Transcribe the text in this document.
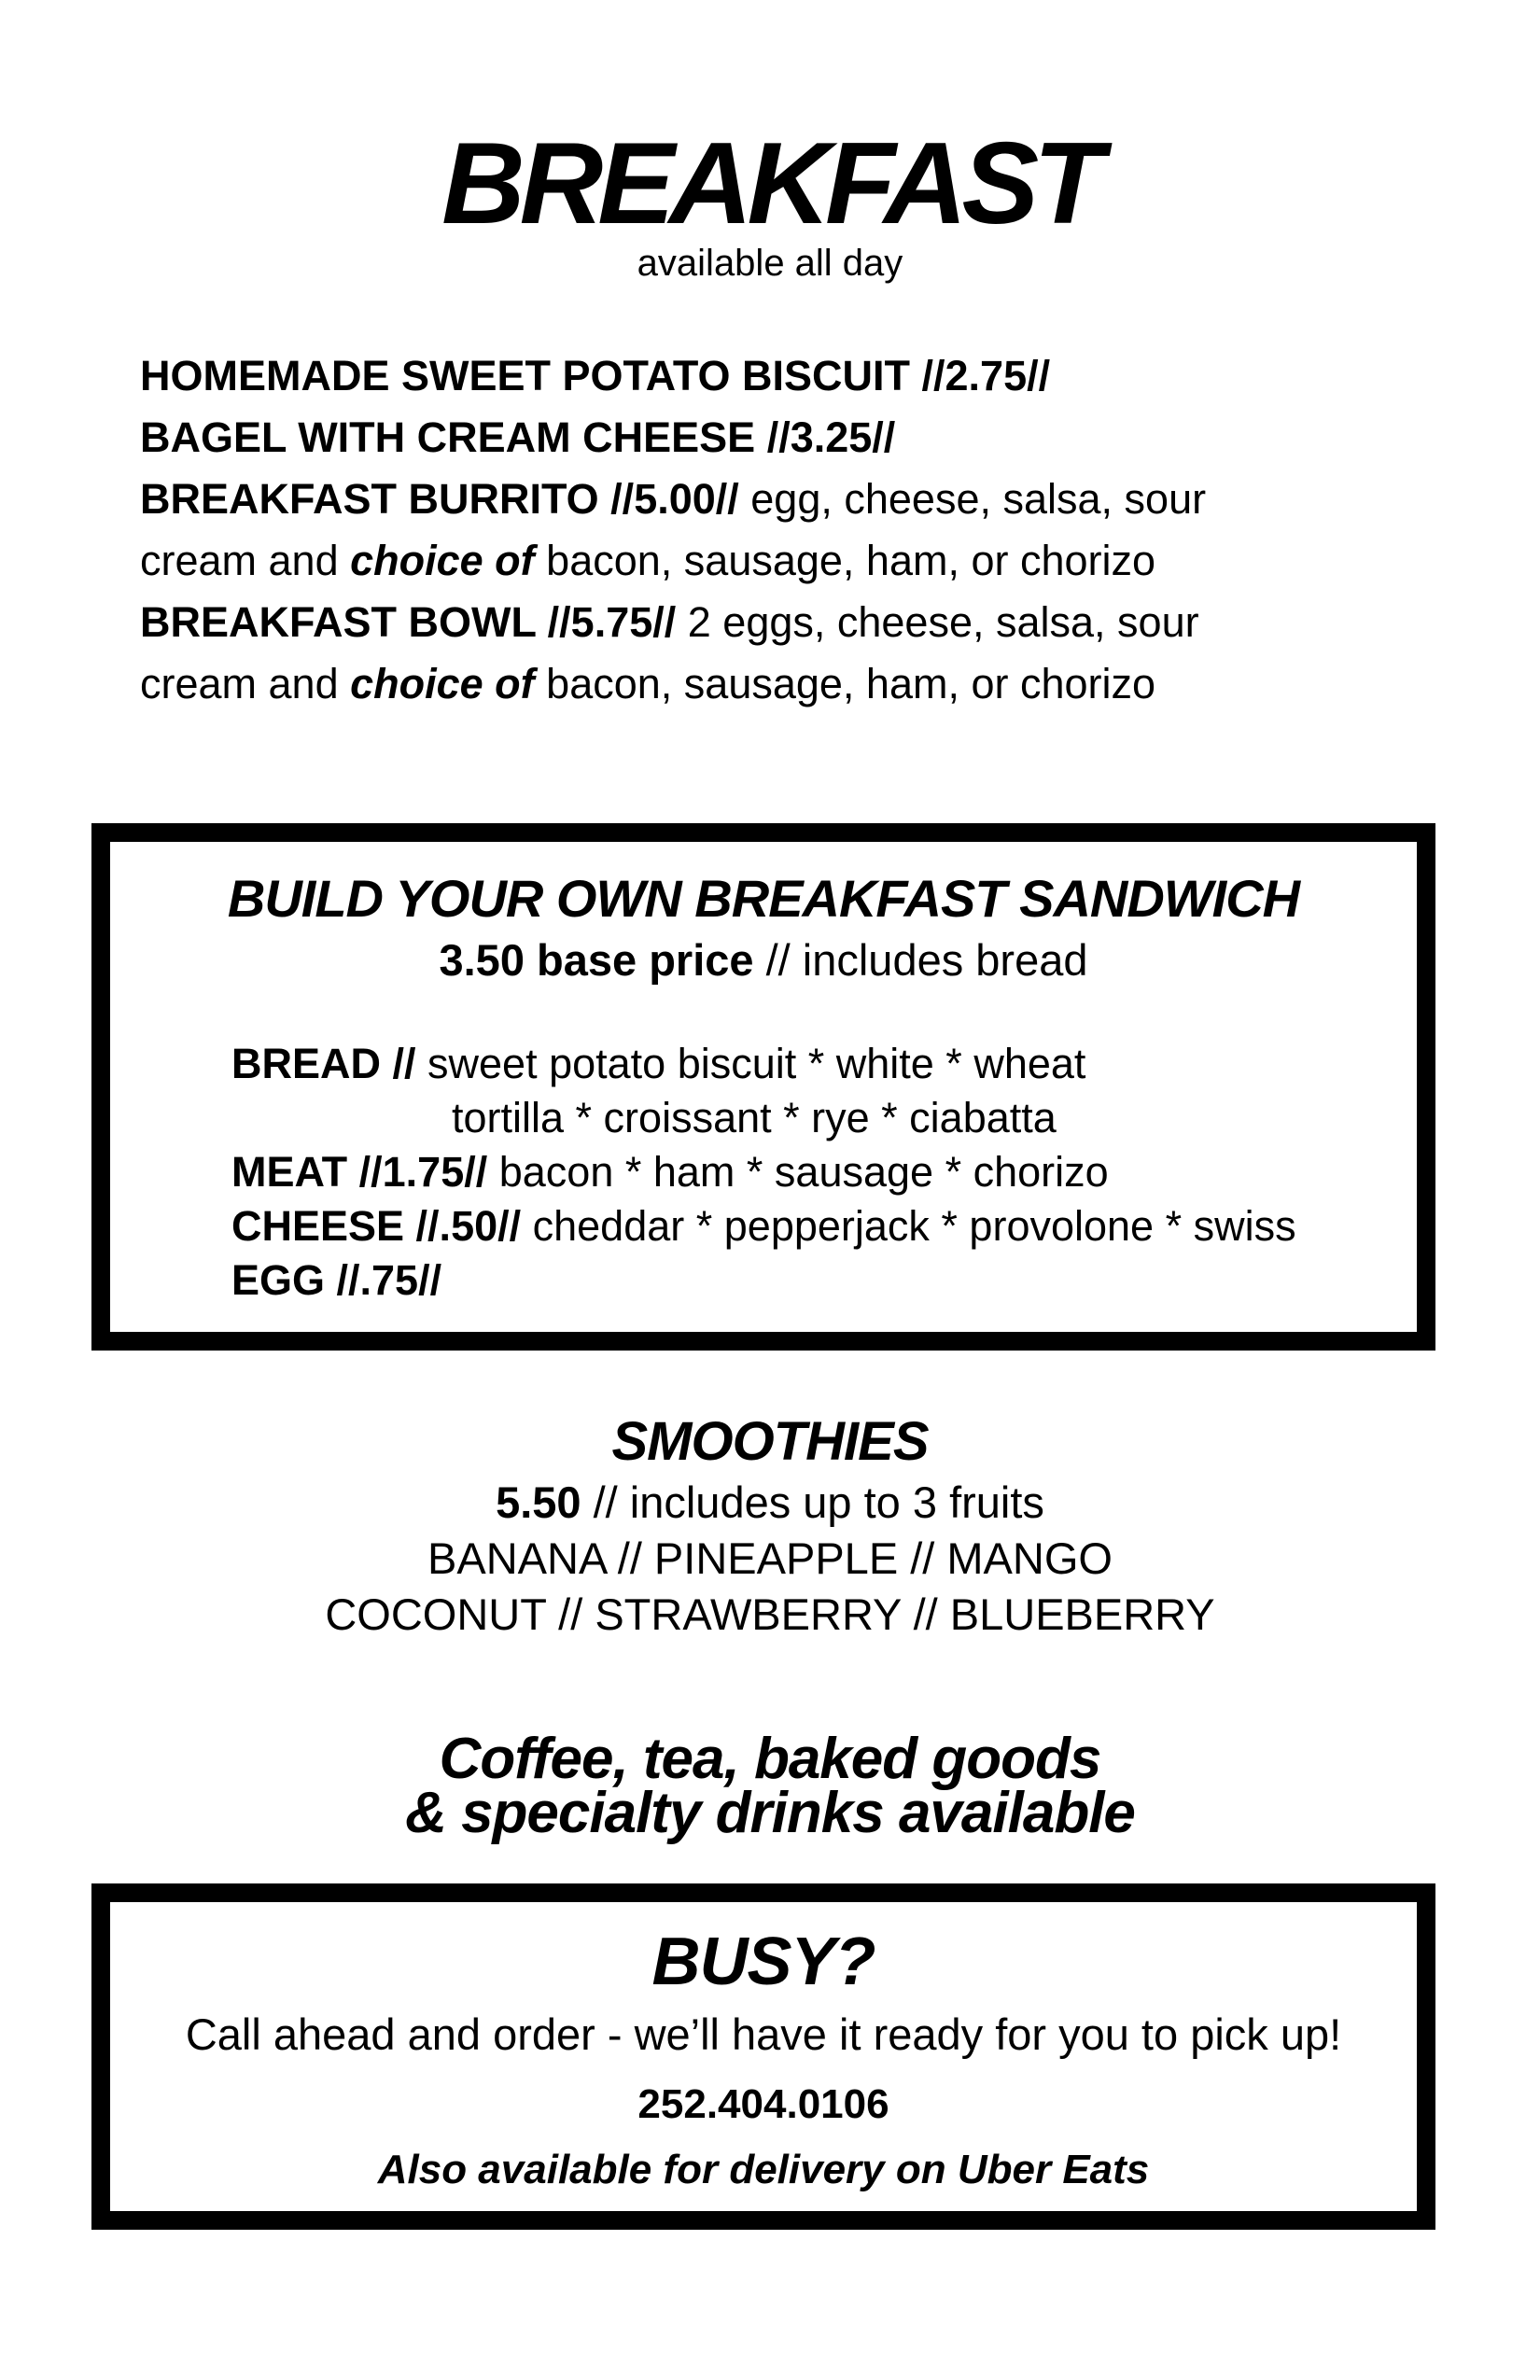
BREAKFAST
available all day
HOMEMADE SWEET POTATO BISCUIT //2.75//
BAGEL WITH CREAM CHEESE //3.25//
BREAKFAST BURRITO //5.00// egg, cheese, salsa, sour
cream and choice of bacon, sausage, ham, or chorizo
BREAKFAST BOWL //5.75// 2 eggs, cheese, salsa, sour
cream and choice of bacon, sausage, ham, or chorizo
BUILD YOUR OWN BREAKFAST SANDWICH
3.50 base price // includes bread
BREAD // sweet potato biscuit * white * wheat
tortilla * croissant * rye * ciabatta
MEAT //1.75// bacon * ham * sausage * chorizo
CHEESE //.50// cheddar * pepperjack * provolone * swiss
EGG //.75//
SMOOTHIES
5.50 // includes up to 3 fruits
BANANA // PINEAPPLE // MANGO
COCONUT // STRAWBERRY // BLUEBERRY
Coffee, tea, baked goods
& specialty drinks available
BUSY?
Call ahead and order - we’ll have it ready for you to pick up!
252.404.0106
Also available for delivery on Uber Eats
